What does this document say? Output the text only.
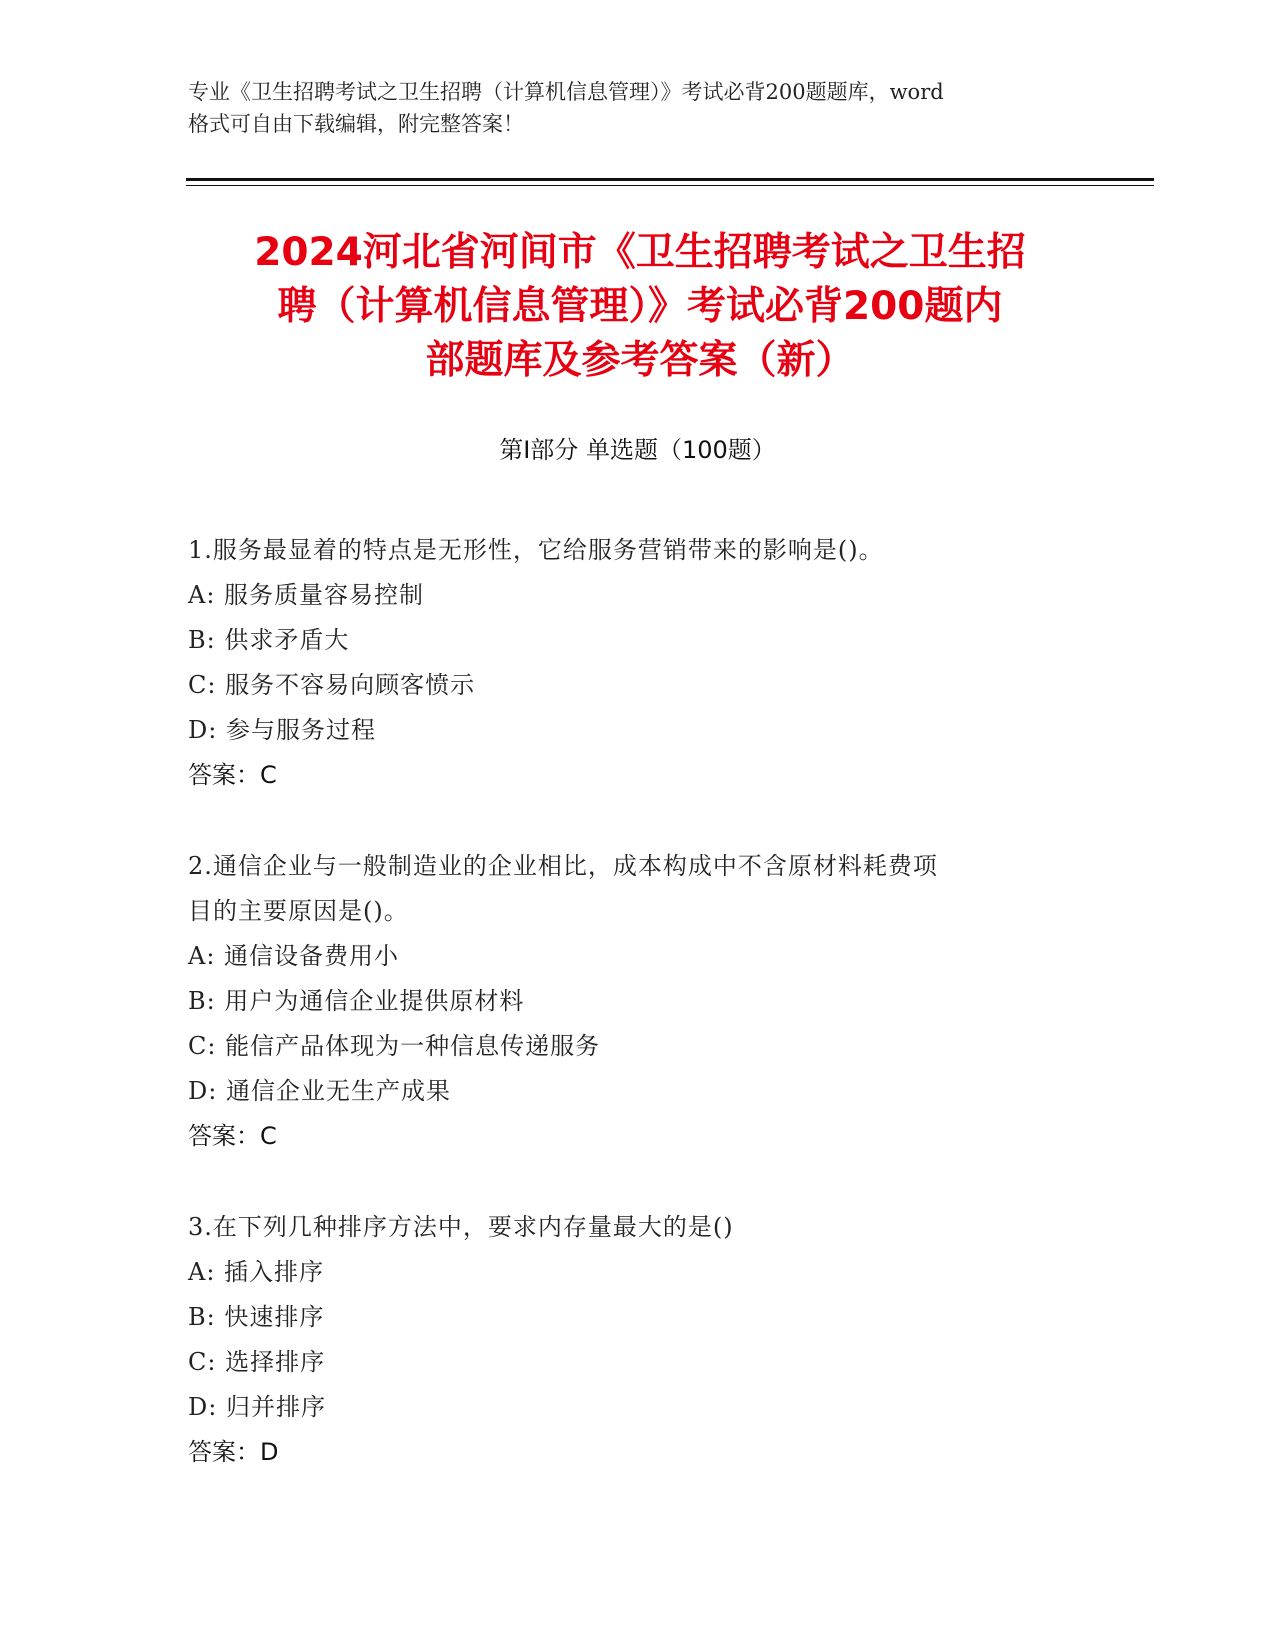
专业《卫生招聘考试之卫生招聘（计算机信息管理）》考试必背200题题库，word
格式可自由下载编辑，附完整答案！
2024河北省河间市《卫生招聘考试之卫生招
聘（计算机信息管理）》考试必背200题内
部题库及参考答案（新）
第Ⅰ部分 单选题（100题）
1.服务最显着的特点是无形性，它给服务营销带来的影响是()。
A: 服务质量容易控制
B: 供求矛盾大
C: 服务不容易向顾客愤示
D: 参与服务过程
答案：C
2.通信企业与一般制造业的企业相比，成本构成中不含原材料耗费项
目的主要原因是()。
A: 通信设备费用小
B: 用户为通信企业提供原材料
C: 能信产品体现为一种信息传递服务
D: 通信企业无生产成果
答案：C
3.在下列几种排序方法中，要求内存量最大的是()
A: 插入排序
B: 快速排序
C: 选择排序
D: 归并排序
答案：D
